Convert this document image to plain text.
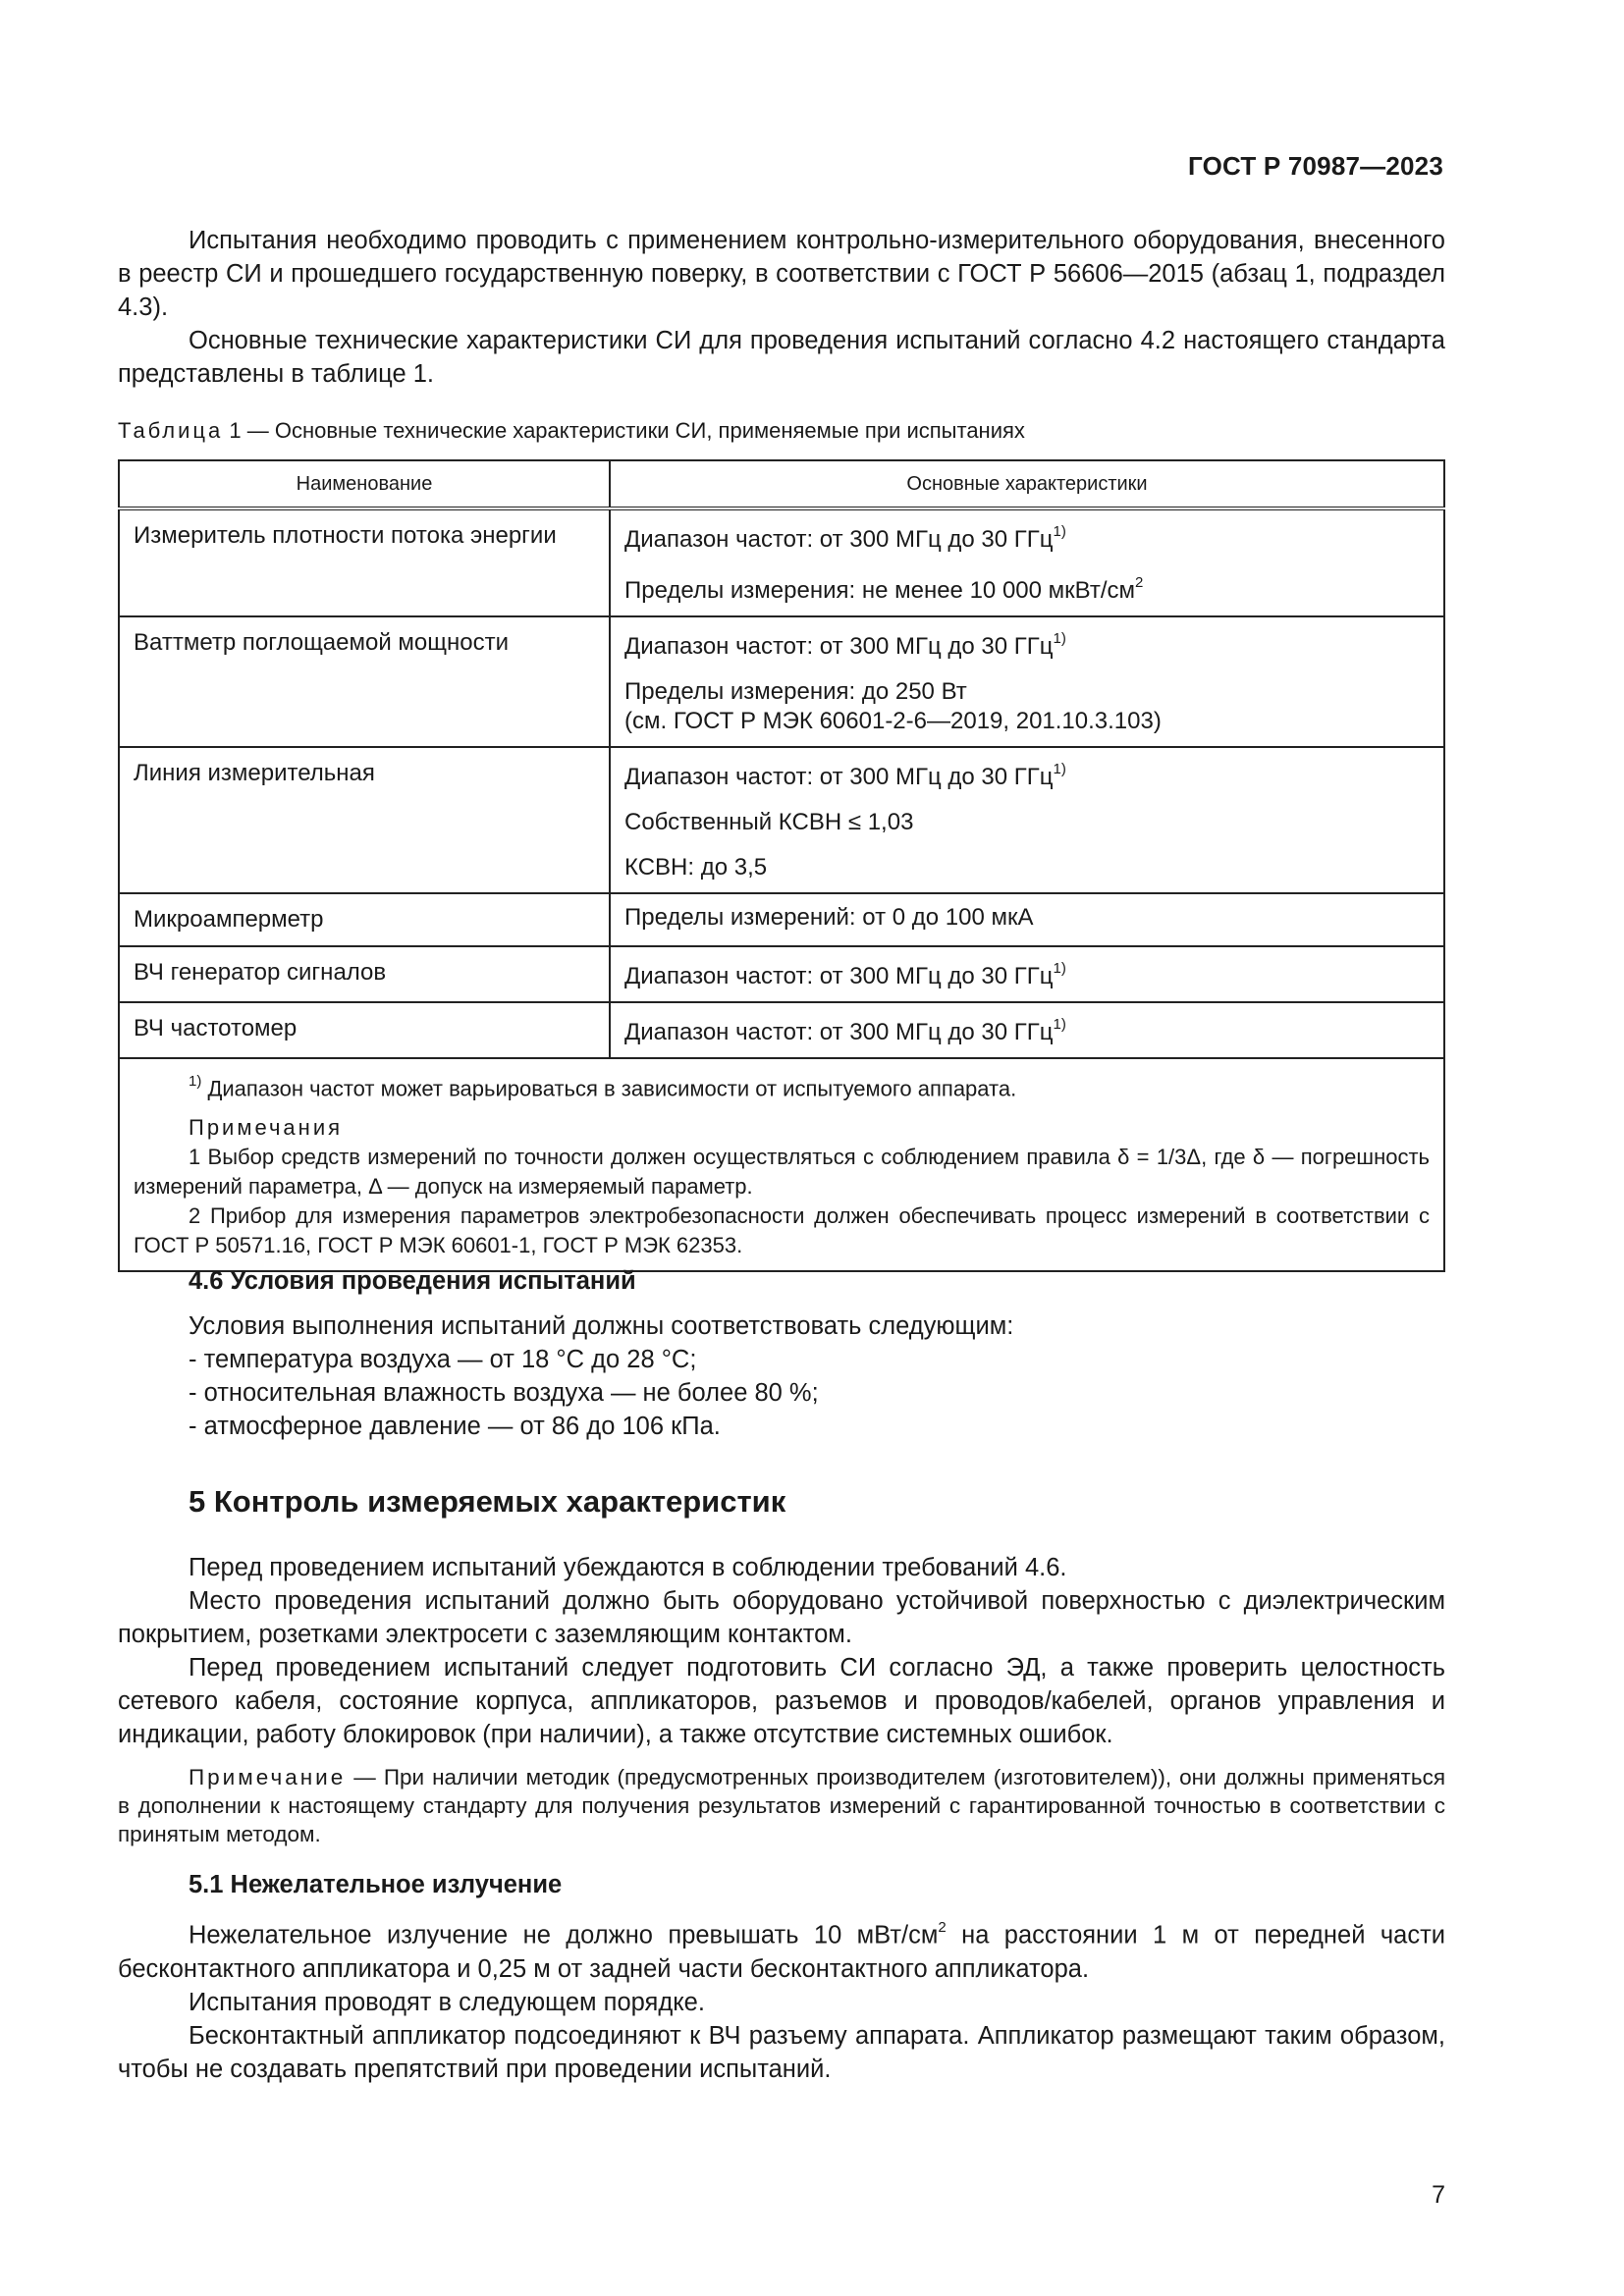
ГОСТ Р 70987—2023

Испытания необходимо проводить с применением контрольно-измерительного оборудования, внесенного в реестр СИ и прошедшего государственную поверку, в соответствии с ГОСТ Р 56606—2015 (абзац 1, подраздел 4.3).

Основные технические характеристики СИ для проведения испытаний согласно 4.2 настоящего стандарта представлены в таблице 1.

Таблица 1 — Основные технические характеристики СИ, применяемые при испытаниях
Наименование	Основные характеристики
Измеритель плотности потока энергии	Диапазон частот: от 300 МГц до 30 ГГц$^{1)}$
Пределы измерения: не менее 10 000 мкВт/$см^2$

Ваттметр поглощаемой мощности	Диапазон частот: от 300 МГц до 30 ГГц$^{1)}$
Пределы измерения: до 250 Вт
(см. ГОСТ Р МЭК 60601-2-6—2019, 201.10.3.103)

Линия измерительная	Диапазон частот: от 300 МГц до 30 ГГц$^{1)}$
Собственный КСВН ≤ 1,03
КСВН: до 3,5

Микроамперметр	Пределы измерений: от 0 до 100 мкА

ВЧ генератор сигналов	Диапазон частот: от 300 МГц до 30 ГГц$^{1)}$

ВЧ частотомер	Диапазон частот: от 300 МГц до 30 ГГц$^{1)}$

$^{1)}$ Диапазон частот может варьироваться в зависимости от испытуемого аппарата.
Примечания
1 Выбор средств измерений по точности должен осуществляться с соблюдением правила δ = 1/3Δ, где δ — погрешность измерений параметра, Δ — допуск на измеряемый параметр.
2 Прибор для измерения параметров электробезопасности должен обеспечивать процесс измерений в соответствии с ГОСТ Р 50571.16, ГОСТ Р МЭК 60601-1, ГОСТ Р МЭК 62353.	
4.6 Условия проведения испытаний

Условия выполнения испытаний должны соответствовать следующим:

- температура воздуха — от 18 °С до 28 °С;

- относительная влажность воздуха — не более 80 %;

- атмосферное давление — от 86 до 106 кПа.

5 Контроль измеряемых характеристик

Перед проведением испытаний убеждаются в соблюдении требований 4.6.

Место проведения испытаний должно быть оборудовано устойчивой поверхностью с диэлектрическим покрытием, розетками электросети с заземляющим контактом.

Перед проведением испытаний следует подготовить СИ согласно ЭД, а также проверить целостность сетевого кабеля, состояние корпуса, аппликаторов, разъемов и проводов/кабелей, органов управления и индикации, работу блокировок (при наличии), а также отсутствие системных ошибок.

Примечание — При наличии методик (предусмотренных производителем (изготовителем)), они должны применяться в дополнении к настоящему стандарту для получения результатов измерений с гарантированной точностью в соответствии с принятым методом.

5.1 Нежелательное излучение

Нежелательное излучение не должно превышать 10 мВт/$см^2$ на расстоянии 1 м от передней части бесконтактного аппликатора и 0,25 м от задней части бесконтактного аппликатора.

Испытания проводят в следующем порядке.

Бесконтактный аппликатор подсоединяют к ВЧ разъему аппарата. Аппликатор размещают таким образом, чтобы не создавать препятствий при проведении испытаний.

7
